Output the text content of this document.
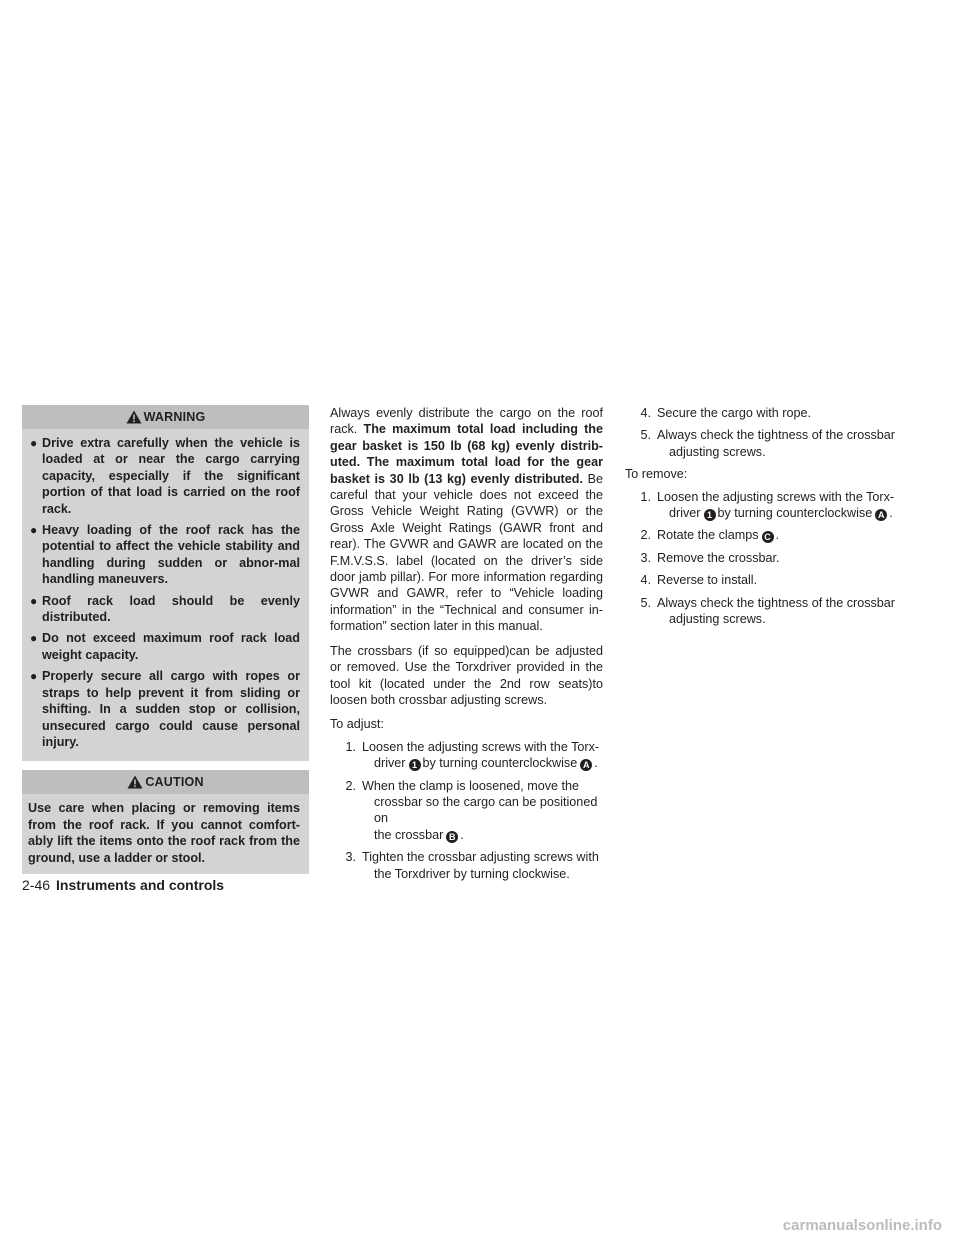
WARNING
● Drive extra carefully when the vehicle is loaded at or near the cargo carrying capacity, especially if the significant portion of that load is carried on the roof rack.
● Heavy loading of the roof rack has the potential to affect the vehicle stability and handling during sudden or abnor-mal handling maneuvers.
● Roof rack load should be evenly distributed.
● Do not exceed maximum roof rack load weight capacity.
● Properly secure all cargo with ropes or straps to help prevent it from sliding or shifting. In a sudden stop or collision, unsecured cargo could cause personal injury.
CAUTION
Use care when placing or removing items from the roof rack. If you cannot comfort-ably lift the items onto the roof rack from the ground, use a ladder or stool.

Always evenly distribute the cargo on the roof rack. The maximum total load including the gear basket is 150 lb (68 kg) evenly distrib-uted. The maximum total load for the gear basket is 30 lb (13 kg) evenly distributed. Be careful that your vehicle does not exceed the Gross Vehicle Weight Rating (GVWR) or the Gross Axle Weight Ratings (GAWR front and rear). The GVWR and GAWR are located on the F.M.V.S.S. label (located on the driver’s side door jamb pillar). For more information regarding GVWR and GAWR, refer to “Vehicle loading information” in the “Technical and consumer in-formation” section later in this manual.

The crossbars (if so equipped)can be adjusted or removed. Use the Torxdriver provided in the tool kit (located under the 2nd row seats)to loosen both crossbar adjusting screws.

To adjust:
1. Loosen the adjusting screws with the Torx-
driver 1 by turning counterclockwise A .
2. When the clamp is loosened, move the
crossbar so the cargo can be positioned on
the crossbar B .
3. Tighten the crossbar adjusting screws with
the Torxdriver by turning clockwise.
4. Secure the cargo with rope.
5. Always check the tightness of the crossbar
adjusting screws.
To remove:
1. Loosen the adjusting screws with the Torx-
driver 1 by turning counterclockwise A .
2. Rotate the clamps C .
3. Remove the crossbar.
4. Reverse to install.
5. Always check the tightness of the crossbar
adjusting screws.
2-46 Instruments and controls
carmanualsonline.info
